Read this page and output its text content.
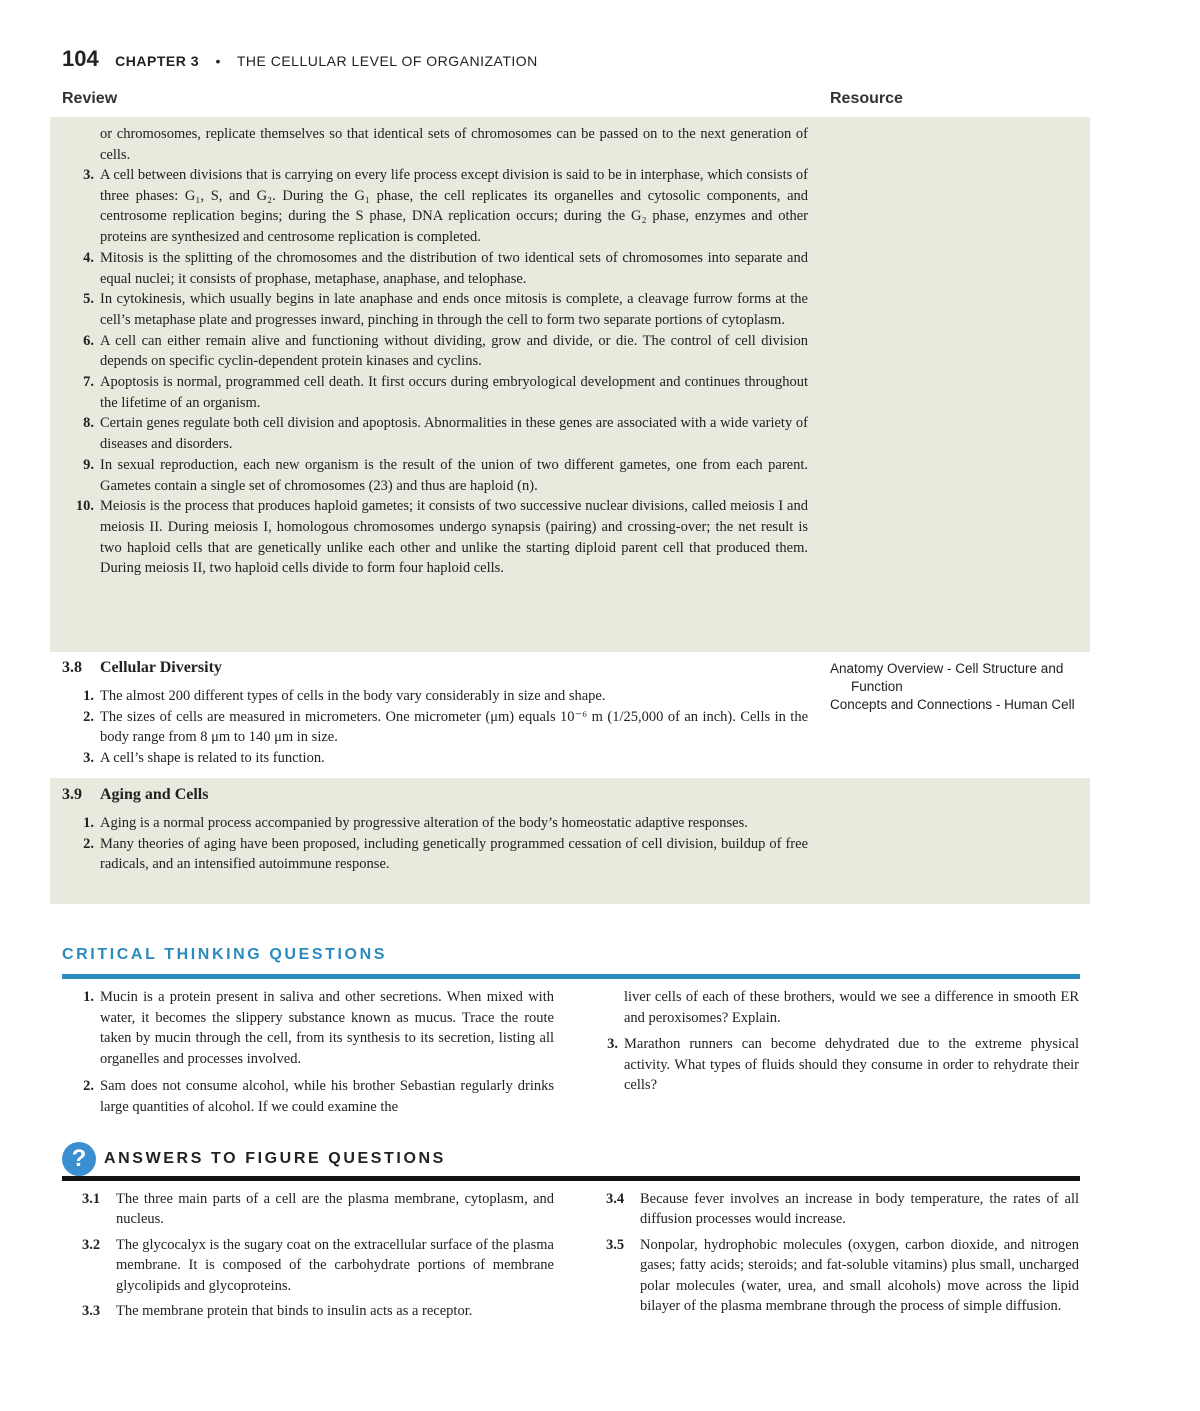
104 CHAPTER 3 • THE CELLULAR LEVEL OF ORGANIZATION
Review	Resource

or chromosomes, replicate themselves so that identical sets of chromosomes can be passed on to the next generation of cells.

3. A cell between divisions that is carrying on every life process except division is said to be in interphase, which consists of three phases: G₁, S, and G₂. During the G₁ phase, the cell replicates its organelles and cytosolic components, and centrosome replication begins; during the S phase, DNA replication occurs; during the G₂ phase, enzymes and other proteins are synthesized and centrosome replication is completed.
4. Mitosis is the splitting of the chromosomes and the distribution of two identical sets of chromosomes into separate and equal nuclei; it consists of prophase, metaphase, anaphase, and telophase.
5. In cytokinesis, which usually begins in late anaphase and ends once mitosis is complete, a cleavage furrow forms at the cell’s metaphase plate and progresses inward, pinching in through the cell to form two separate portions of cytoplasm.
6. A cell can either remain alive and functioning without dividing, grow and divide, or die. The control of cell division depends on specific cyclin-dependent protein kinases and cyclins.
7. Apoptosis is normal, programmed cell death. It first occurs during embryological development and continues throughout the lifetime of an organism.
8. Certain genes regulate both cell division and apoptosis. Abnormalities in these genes are associated with a wide variety of diseases and disorders.
9. In sexual reproduction, each new organism is the result of the union of two different gametes, one from each parent. Gametes contain a single set of chromosomes (23) and thus are haploid (n).
10. Meiosis is the process that produces haploid gametes; it consists of two successive nuclear divisions, called meiosis I and meiosis II. During meiosis I, homologous chromosomes undergo synapsis (pairing) and crossing-over; the net result is two haploid cells that are genetically unlike each other and unlike the starting diploid parent cell that produced them. During meiosis II, two haploid cells divide to form four haploid cells.
3.8 Cellular Diversity
1. The almost 200 different types of cells in the body vary considerably in size and shape.
2. The sizes of cells are measured in micrometers. One micrometer (μm) equals 10⁻⁶ m (1/25,000 of an inch). Cells in the body range from 8 μm to 140 μm in size.
3. A cell’s shape is related to its function.
Anatomy Overview - Cell Structure and Function
Concepts and Connections - Human Cell
3.9 Aging and Cells
1. Aging is a normal process accompanied by progressive alteration of the body’s homeostatic adaptive responses.
2. Many theories of aging have been proposed, including genetically programmed cessation of cell division, buildup of free radicals, and an intensified autoimmune response.
CRITICAL THINKING QUESTIONS
1. Mucin is a protein present in saliva and other secretions. When mixed with water, it becomes the slippery substance known as mucus. Trace the route taken by mucin through the cell, from its synthesis to its secretion, listing all organelles and processes involved.
2. Sam does not consume alcohol, while his brother Sebastian regularly drinks large quantities of alcohol. If we could examine the

liver cells of each of these brothers, would we see a difference in smooth ER and peroxisomes? Explain.

3. Marathon runners can become dehydrated due to the extreme physical activity. What types of fluids should they consume in order to rehydrate their cells?
?	ANSWERS TO FIGURE QUESTIONS
3.1 The three main parts of a cell are the plasma membrane, cytoplasm, and nucleus.
3.2 The glycocalyx is the sugary coat on the extracellular surface of the plasma membrane. It is composed of the carbohydrate portions of membrane glycolipids and glycoproteins.
3.3 The membrane protein that binds to insulin acts as a receptor.
3.4 Because fever involves an increase in body temperature, the rates of all diffusion processes would increase.
3.5 Nonpolar, hydrophobic molecules (oxygen, carbon dioxide, and nitrogen gases; fatty acids; steroids; and fat-soluble vitamins) plus small, uncharged polar molecules (water, urea, and small alcohols) move across the lipid bilayer of the plasma membrane through the process of simple diffusion.
